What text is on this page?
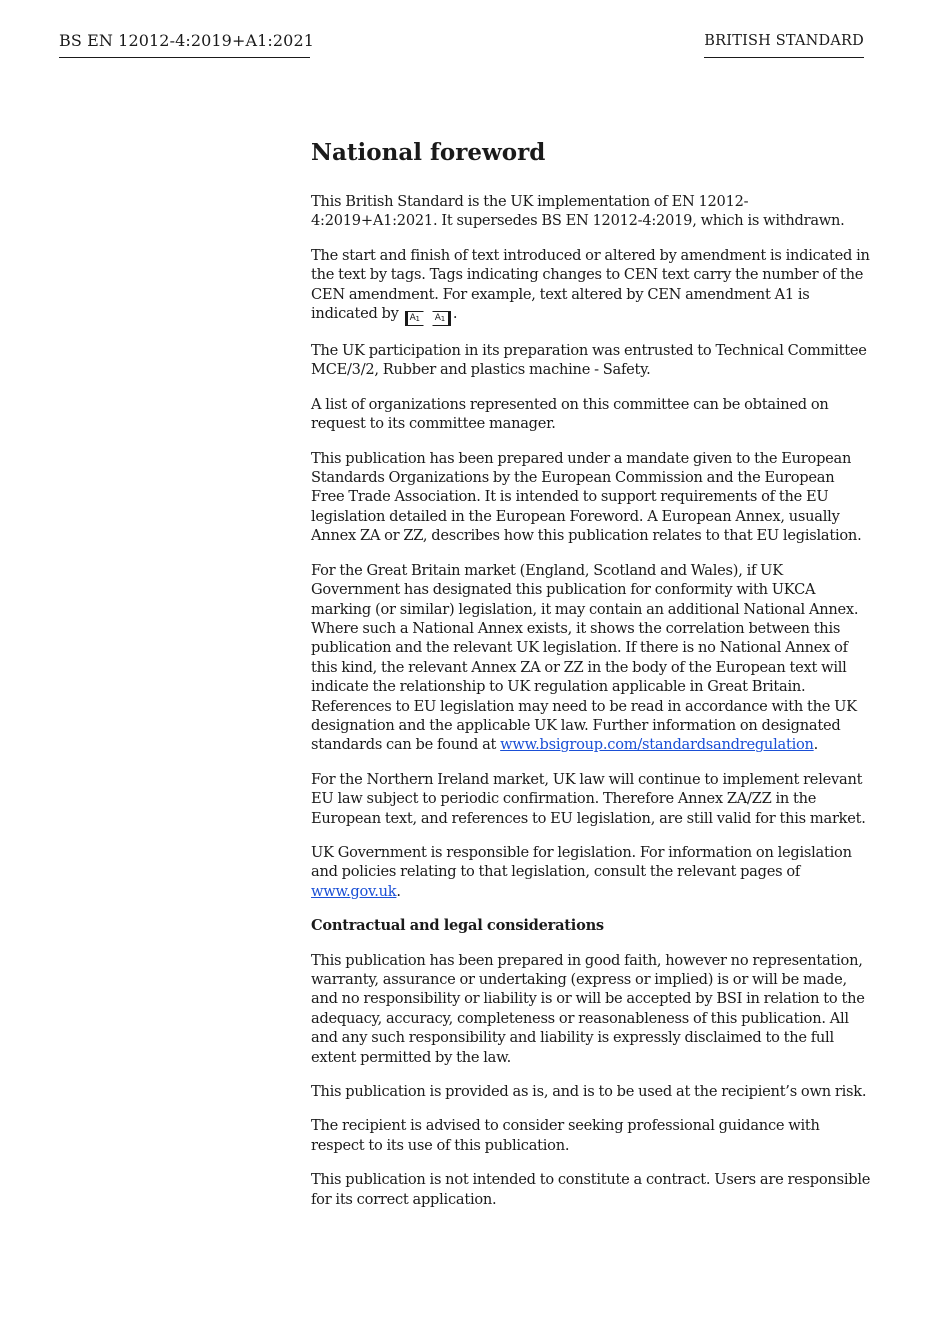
BS EN 12012-4:2019+A1:2021	BRITISH STANDARD
National foreword

This British Standard is the UK implementation of EN 12012-4:2019+A1:2021. It supersedes BS EN 12012-4:2019, which is withdrawn.

The start and finish of text introduced or altered by amendment is indicated in the text by tags. Tags indicating changes to CEN text carry the number of the CEN amendment. For example, text altered by CEN amendment A1 is indicated by $A_1$ $A_1$ .

The UK participation in its preparation was entrusted to Technical Committee MCE/3/2, Rubber and plastics machine - Safety.

A list of organizations represented on this committee can be obtained on request to its committee manager.

This publication has been prepared under a mandate given to the European Standards Organizations by the European Commission and the European Free Trade Association. It is intended to support requirements of the EU legislation detailed in the European Foreword. A European Annex, usually Annex ZA or ZZ, describes how this publication relates to that EU legislation.

For the Great Britain market (England, Scotland and Wales), if UK Government has designated this publication for conformity with UKCA marking (or similar) legislation, it may contain an additional National Annex. Where such a National Annex exists, it shows the correlation between this publication and the relevant UK legislation. If there is no National Annex of this kind, the relevant Annex ZA or ZZ in the body of the European text will indicate the relationship to UK regulation applicable in Great Britain. References to EU legislation may need to be read in accordance with the UK designation and the applicable UK law. Further information on designated standards can be found at www.bsigroup.com/standardsandregulation.

For the Northern Ireland market, UK law will continue to implement relevant EU law subject to periodic confirmation. Therefore Annex ZA/ZZ in the European text, and references to EU legislation, are still valid for this market.

UK Government is responsible for legislation. For information on legislation and policies relating to that legislation, consult the relevant pages of www.gov.uk.

Contractual and legal considerations

This publication has been prepared in good faith, however no representation, warranty, assurance or undertaking (express or implied) is or will be made, and no responsibility or liability is or will be accepted by BSI in relation to the adequacy, accuracy, completeness or reasonableness of this publication. All and any such responsibility and liability is expressly disclaimed to the full extent permitted by the law.

This publication is provided as is, and is to be used at the recipient’s own risk.

The recipient is advised to consider seeking professional guidance with respect to its use of this publication.

This publication is not intended to constitute a contract. Users are responsible for its correct application.
